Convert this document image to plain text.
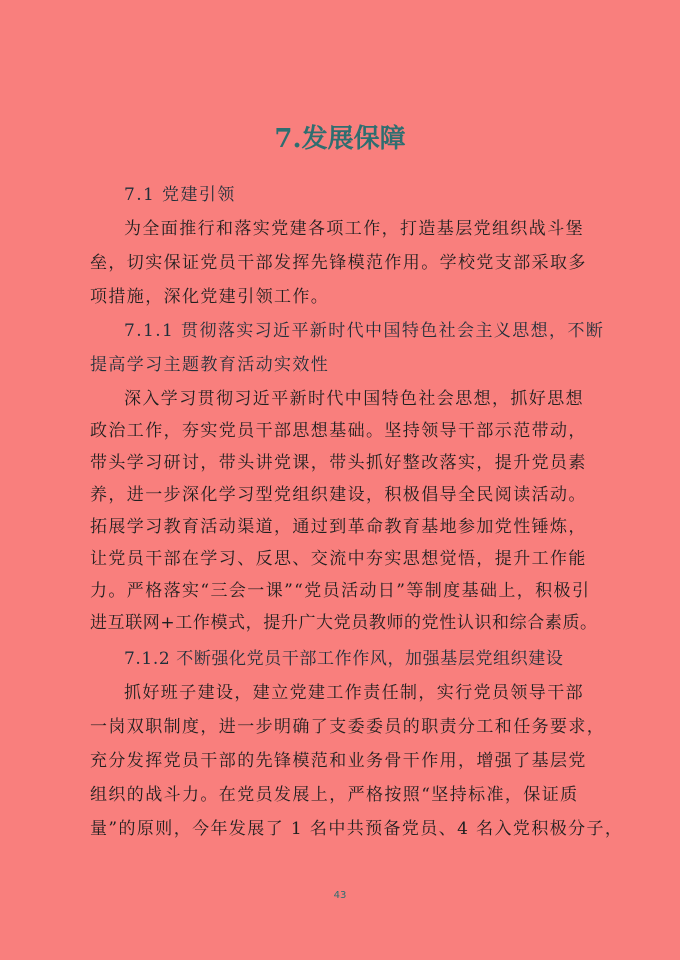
7.发展保障
7.1 党建引领
为全面推行和落实党建各项工作，打造基层党组织战斗堡
垒，切实保证党员干部发挥先锋模范作用。学校党支部采取多
项措施，深化党建引领工作。
7.1.1 贯彻落实习近平新时代中国特色社会主义思想，不断
提高学习主题教育活动实效性
深入学习贯彻习近平新时代中国特色社会思想，抓好思想
政治工作，夯实党员干部思想基础。坚持领导干部示范带动，
带头学习研讨，带头讲党课，带头抓好整改落实，提升党员素
养，进一步深化学习型党组织建设，积极倡导全民阅读活动。
拓展学习教育活动渠道，通过到革命教育基地参加党性锤炼，
让党员干部在学习、反思、交流中夯实思想觉悟，提升工作能
力。严格落实“三会一课”“党员活动日”等制度基础上，积极引
进互联网+工作模式，提升广大党员教师的党性认识和综合素质。
7.1.2 不断强化党员干部工作作风，加强基层党组织建设
抓好班子建设，建立党建工作责任制，实行党员领导干部
一岗双职制度，进一步明确了支委委员的职责分工和任务要求，
充分发挥党员干部的先锋模范和业务骨干作用，增强了基层党
组织的战斗力。在党员发展上，严格按照“坚持标准，保证质
量”的原则，今年发展了 1 名中共预备党员、4 名入党积极分子，
43
